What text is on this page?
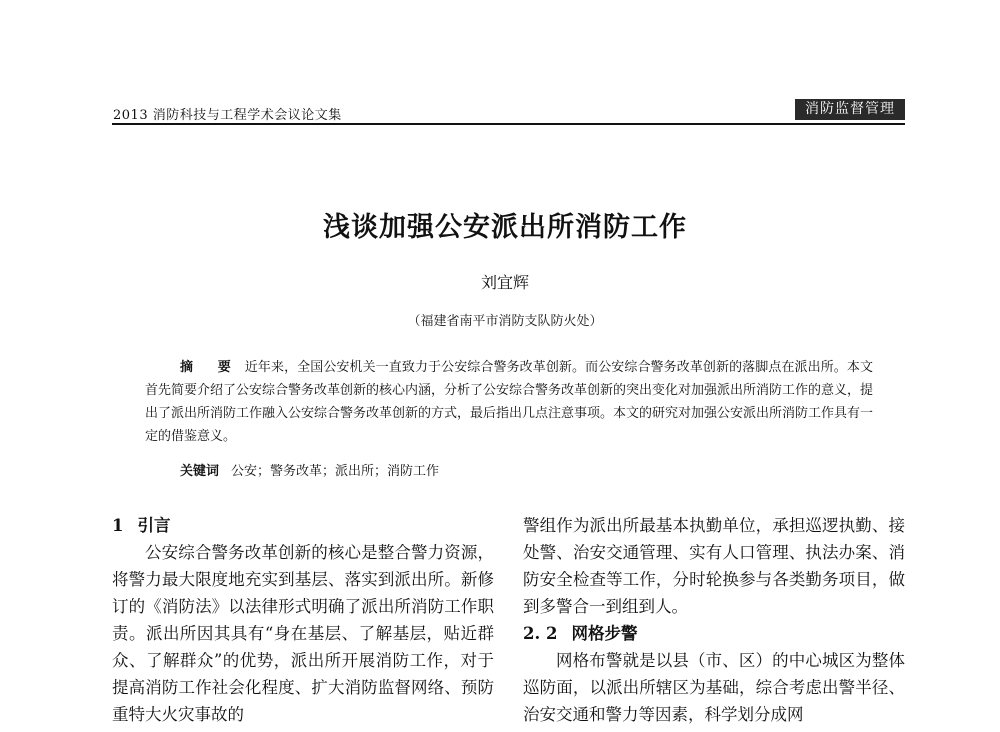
2013 消防科技与工程学术会议论文集	消防监督管理
浅谈加强公安派出所消防工作
刘宜辉
（福建省南平市消防支队防火处）
摘 要 近年来，全国公安机关一直致力于公安综合警务改革创新。而公安综合警务改革创新的落脚点在派出所。本文首先简要介绍了公安综合警务改革创新的核心内涵，分析了公安综合警务改革创新的突出变化对加强派出所消防工作的意义，提出了派出所消防工作融入公安综合警务改革创新的方式，最后指出几点注意事项。本文的研究对加强公安派出所消防工作具有一定的借鉴意义。
关键词 公安；警务改革；派出所；消防工作
1 引言

公安综合警务改革创新的核心是整合警力资源，将警力最大限度地充实到基层、落实到派出所。新修订的《消防法》以法律形式明确了派出所消防工作职责。派出所因其具有“身在基层、了解基层，贴近群众、了解群众”的优势，派出所开展消防工作，对于提高消防工作社会化程度、扩大消防监督网络、预防重特大火灾事故的

警组作为派出所最基本执勤单位，承担巡逻执勤、接处警、治安交通管理、实有人口管理、执法办案、消防安全检查等工作，分时轮换参与各类勤务项目，做到多警合一到组到人。

2. 2 网格步警

网格布警就是以县（市、区）的中心城区为整体巡防面，以派出所辖区为基础，综合考虑出警半径、治安交通和警力等因素，科学划分成网
